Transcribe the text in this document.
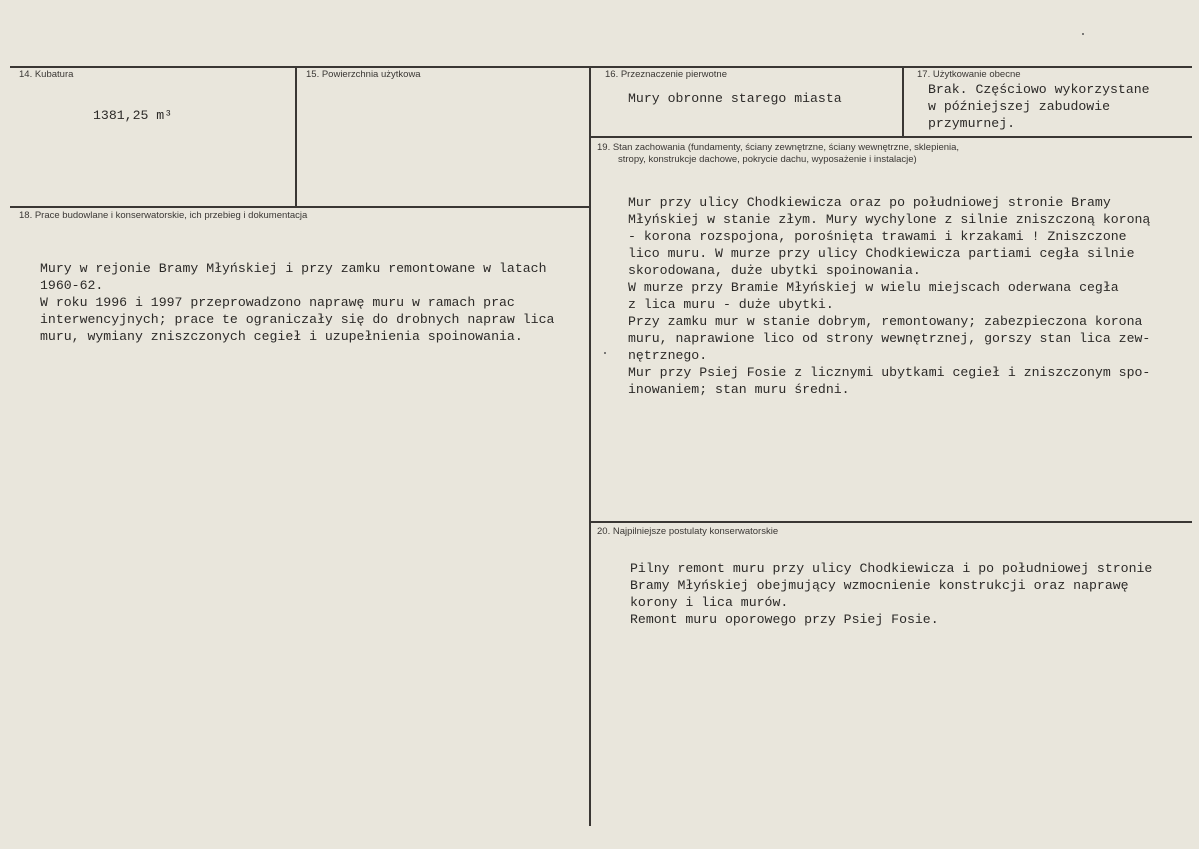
14. Kubatura
1381,25 m³
15. Powierzchnia użytkowa	16. Przeznaczenie pierwotne
Mury obronne starego miasta
17. Użytkowanie obecne
Brak. Częściowo wykorzystane
w późniejszej zabudowie
przymurnej.
18. Prace budowlane i konserwatorskie, ich przebieg i dokumentacja
Mury w rejonie Bramy Młyńskiej i przy zamku remontowane w latach
1960-62.
W roku 1996 i 1997 przeprowadzono naprawę muru w ramach prac
interwencyjnych; prace te ograniczały się do drobnych napraw lica
muru, wymiany zniszczonych cegieł i uzupełnienia spoinowania.
19. Stan zachowania (fundamenty, ściany zewnętrzne, ściany wewnętrzne, sklepienia,
stropy, konstrukcje dachowe, pokrycie dachu, wyposażenie i instalacje)
Mur przy ulicy Chodkiewicza oraz po południowej stronie Bramy
Młyńskiej w stanie złym. Mury wychylone z silnie zniszczoną koroną
- korona rozspojona, porośnięta trawami i krzakami ! Zniszczone
lico muru. W murze przy ulicy Chodkiewicza partiami cegła silnie
skorodowana, duże ubytki spoinowania.
W murze przy Bramie Młyńskiej w wielu miejscach oderwana cegła
z lica muru - duże ubytki.
Przy zamku mur w stanie dobrym, remontowany; zabezpieczona korona
muru, naprawione lico od strony wewnętrznej, gorszy stan lica zew-
nętrznego.
Mur przy Psiej Fosie z licznymi ubytkami cegieł i zniszczonym spo-
inowaniem; stan muru średni.
20. Najpilniejsze postulaty konserwatorskie
Pilny remont muru przy ulicy Chodkiewicza i po południowej stronie
Bramy Młyńskiej obejmujący wzmocnienie konstrukcji oraz naprawę
korony i lica murów.
Remont muru oporowego przy Psiej Fosie.
